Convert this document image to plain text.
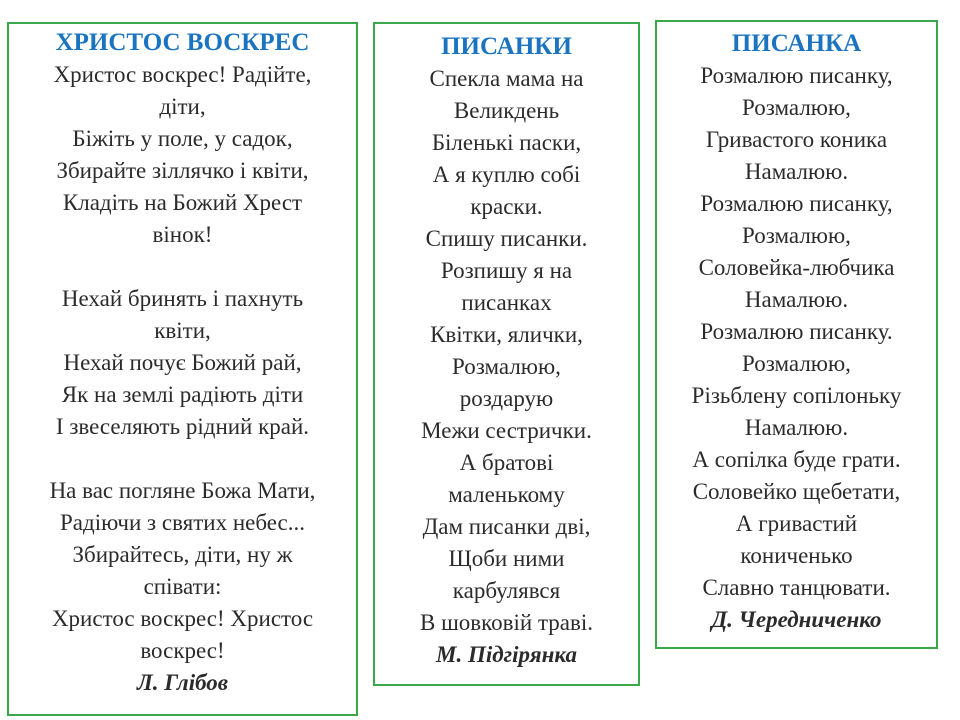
ХРИСТОС ВОСКРЕС
Христос воскрес! Радійте,
діти,
Біжіть у поле, у садок,
Збирайте зіллячко і квіти,
Кладіть на Божий Хрест
вінок!
Нехай бринять і пахнуть
квіти,
Нехай почує Божий рай,
Як на землі радіють діти
І звеселяють рідний край.
На вас погляне Божа Мати,
Радіючи з святих небес...
Збирайтесь, діти, ну ж
співати:
Христос воскрес! Христос
воскрес!
Л. Глібов
ПИСАНКИ
Спекла мама на
Великдень
Біленькі паски,
А я куплю собі
краски.
Спишу писанки.
Розпишу я на
писанках
Квітки, ялички,
Розмалюю,
роздарую
Межи сестрички.
А братові
маленькому
Дам писанки дві,
Щоби ними
карбулявся
В шовковій траві.
М. Підгірянка
ПИСАНКА
Розмалюю писанку,
Розмалюю,
Гривастого коника
Намалюю.
Розмалюю писанку,
Розмалюю,
Соловейка-любчика
Намалюю.
Розмалюю писанку.
Розмалюю,
Різьблену сопілоньку
Намалюю.
А сопілка буде грати.
Соловейко щебетати,
А гривастий
кониченько
Славно танцювати.
Д. Чередниченко
